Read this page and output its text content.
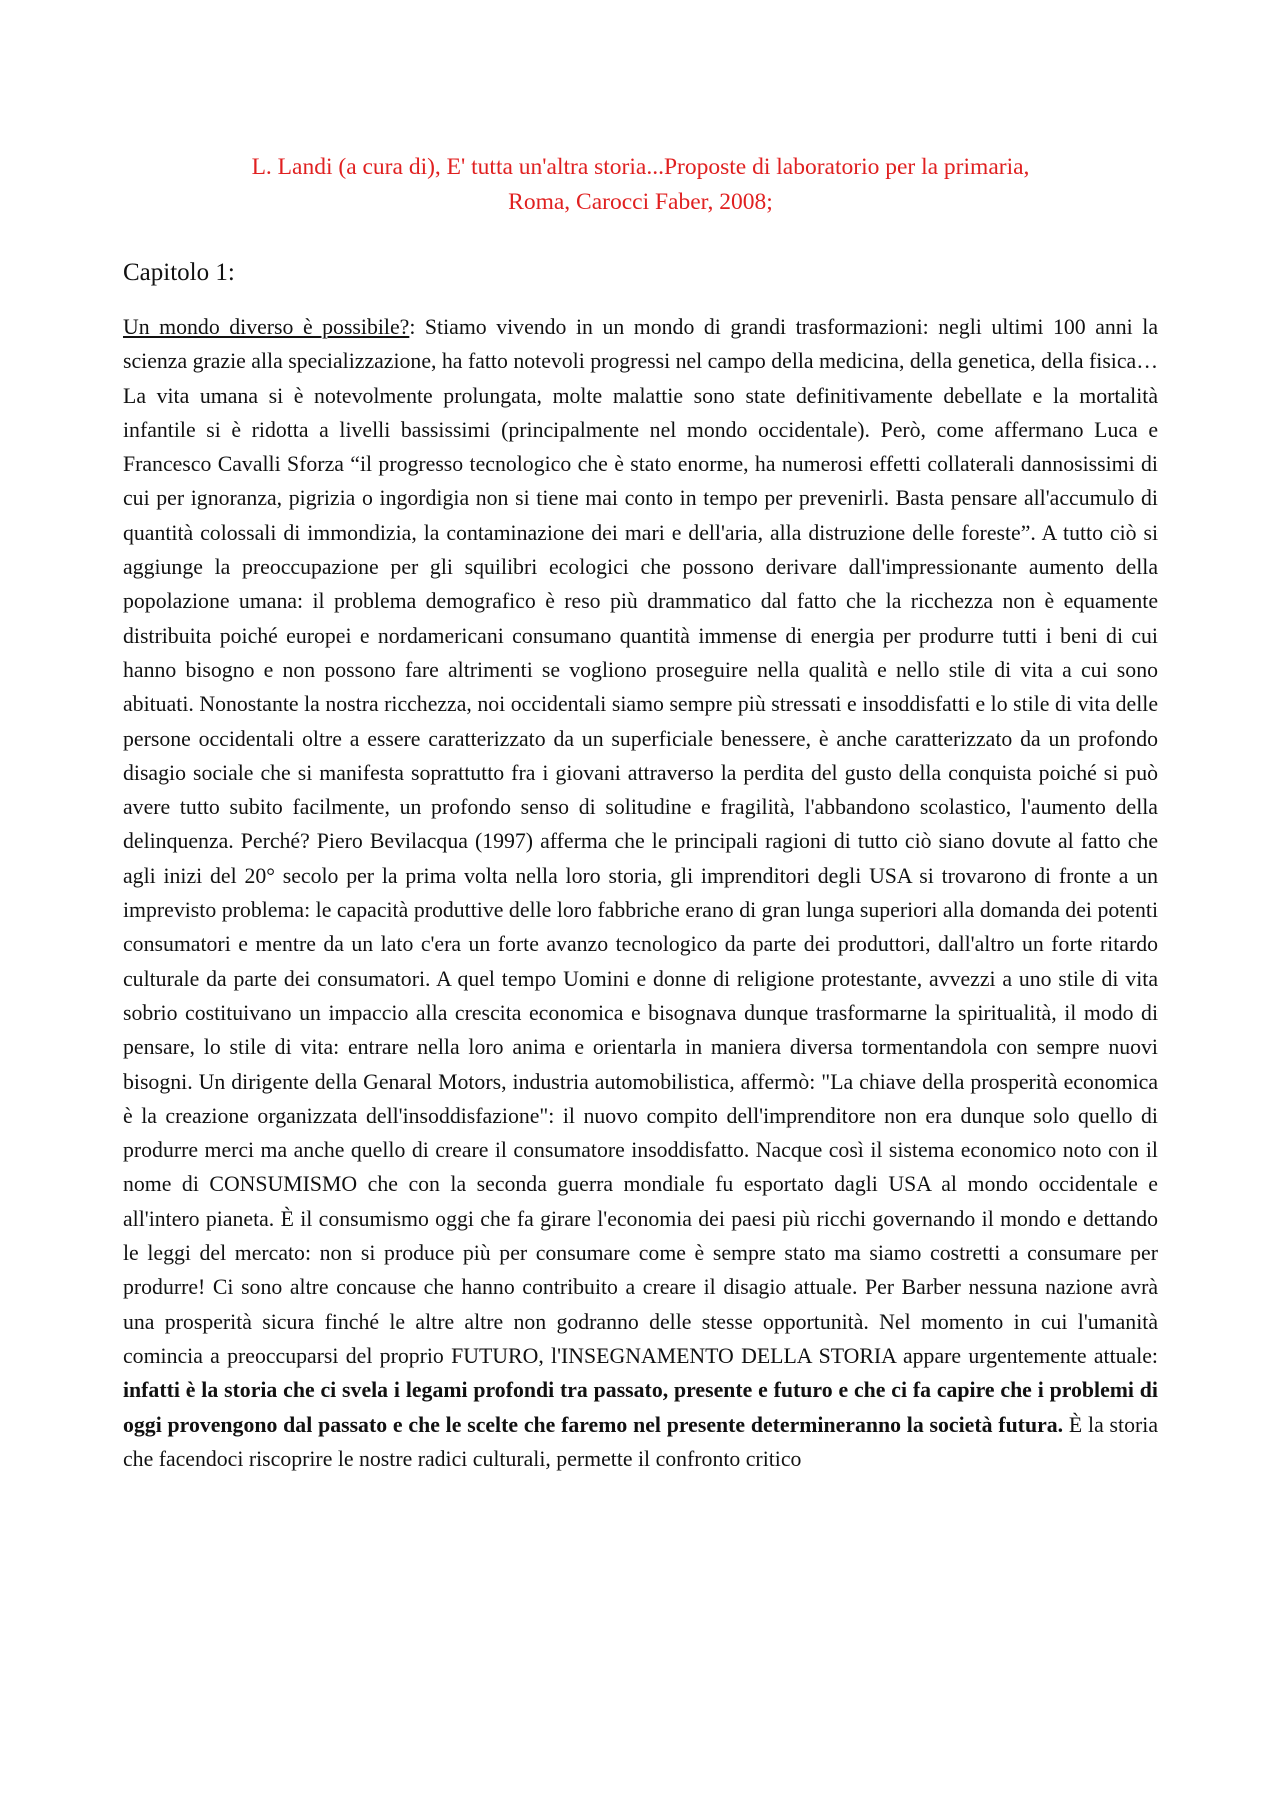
L. Landi (a cura di), E' tutta un'altra storia...Proposte di laboratorio per la primaria,
Roma, Carocci Faber, 2008;

Capitolo 1:

Un mondo diverso è possibile?: Stiamo vivendo in un mondo di grandi trasformazioni: negli ultimi 100 anni la scienza grazie alla specializzazione, ha fatto notevoli progressi nel campo della medicina, della genetica, della fisica… La vita umana si è notevolmente prolungata, molte malattie sono state definitivamente debellate e la mortalità infantile si è ridotta a livelli bassissimi (principalmente nel mondo occidentale). Però, come affermano Luca e Francesco Cavalli Sforza “il progresso tecnologico che è stato enorme, ha numerosi effetti collaterali dannosissimi di cui per ignoranza, pigrizia o ingordigia non si tiene mai conto in tempo per prevenirli. Basta pensare all'accumulo di quantità colossali di immondizia, la contaminazione dei mari e dell'aria, alla distruzione delle foreste”. A tutto ciò si aggiunge la preoccupazione per gli squilibri ecologici che possono derivare dall'impressionante aumento della popolazione umana: il problema demografico è reso più drammatico dal fatto che la ricchezza non è equamente distribuita poiché europei e nordamericani consumano quantità immense di energia per produrre tutti i beni di cui hanno bisogno e non possono fare altrimenti se vogliono proseguire nella qualità e nello stile di vita a cui sono abituati. Nonostante la nostra ricchezza, noi occidentali siamo sempre più stressati e insoddisfatti e lo stile di vita delle persone occidentali oltre a essere caratterizzato da un superficiale benessere, è anche caratterizzato da un profondo disagio sociale che si manifesta soprattutto fra i giovani attraverso la perdita del gusto della conquista poiché si può avere tutto subito facilmente, un profondo senso di solitudine e fragilità, l'abbandono scolastico, l'aumento della delinquenza. Perché? Piero Bevilacqua (1997) afferma che le principali ragioni di tutto ciò siano dovute al fatto che agli inizi del 20° secolo per la prima volta nella loro storia, gli imprenditori degli USA si trovarono di fronte a un imprevisto problema: le capacità produttive delle loro fabbriche erano di gran lunga superiori alla domanda dei potenti consumatori e mentre da un lato c'era un forte avanzo tecnologico da parte dei produttori, dall'altro un forte ritardo culturale da parte dei consumatori. A quel tempo Uomini e donne di religione protestante, avvezzi a uno stile di vita sobrio costituivano un impaccio alla crescita economica e bisognava dunque trasformarne la spiritualità, il modo di pensare, lo stile di vita: entrare nella loro anima e orientarla in maniera diversa tormentandola con sempre nuovi bisogni. Un dirigente della Genaral Motors, industria automobilistica, affermò: "La chiave della prosperità economica è la creazione organizzata dell'insoddisfazione": il nuovo compito dell'imprenditore non era dunque solo quello di produrre merci ma anche quello di creare il consumatore insoddisfatto. Nacque così il sistema economico noto con il nome di CONSUMISMO che con la seconda guerra mondiale fu esportato dagli USA al mondo occidentale e all'intero pianeta. È il consumismo oggi che fa girare l'economia dei paesi più ricchi governando il mondo e dettando le leggi del mercato: non si produce più per consumare come è sempre stato ma siamo costretti a consumare per produrre! Ci sono altre concause che hanno contribuito a creare il disagio attuale. Per Barber nessuna nazione avrà una prosperità sicura finché le altre altre non godranno delle stesse opportunità. Nel momento in cui l'umanità comincia a preoccuparsi del proprio FUTURO, l'INSEGNAMENTO DELLA STORIA appare urgentemente attuale: infatti è la storia che ci svela i legami profondi tra passato, presente e futuro e che ci fa capire che i problemi di oggi provengono dal passato e che le scelte che faremo nel presente determineranno la società futura. È la storia che facendoci riscoprire le nostre radici culturali, permette il confronto critico
